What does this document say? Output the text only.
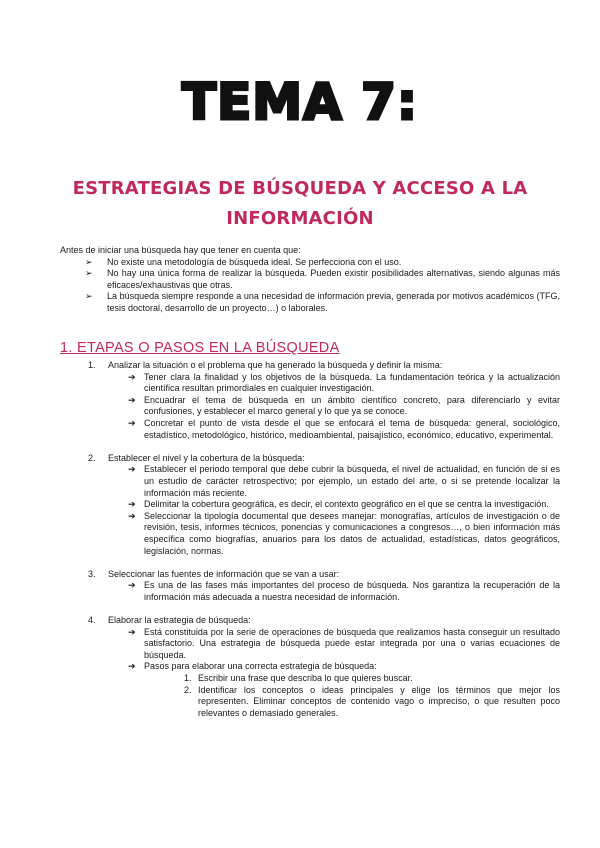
TEMA 7:
ESTRATEGIAS DE BÚSQUEDA Y ACCESO A LA
INFORMACIÓN

Antes de iniciar una búsqueda hay que tener en cuenta que:

➢ No existe una metodología de búsqueda ideal. Se perfecciona con el uso.
➢ No hay una única forma de realizar la búsqueda. Pueden existir posibilidades alternativas, siendo algunas más eficaces/exhaustivas que otras.
➢ La búsqueda siempre responde a una necesidad de información previa, generada por motivos académicos (TFG, tesis doctoral, desarrollo de un proyecto…) o laborales.
1. ETAPAS O PASOS EN LA BÚSQUEDA
1. Analizar la situación o el problema que ha generado la búsqueda y definir la misma:

➔ Tener clara la finalidad y los objetivos de la búsqueda. La fundamentación teórica y la actualización científica resultan primordiales en cualquier investigación.
➔ Encuadrar el tema de búsqueda en un ámbito científico concreto, para diferenciarlo y evitar confusiones, y establecer el marco general y lo que ya se conoce.
➔ Concretar el punto de vista desde el que se enfocará el tema de búsqueda: general, sociológico, estadístico, metodológico, histórico, medioambiental, paisajístico, económico, educativo, experimental.
2. Establecer el nivel y la cobertura de la búsqueda:

➔ Establecer el periodo temporal que debe cubrir la búsqueda, el nivel de actualidad, en función de si es un estudio de carácter retrospectivo; por ejemplo, un estado del arte, o si se pretende localizar la información más reciente.
➔ Delimitar la cobertura geográfica, es decir, el contexto geográfico en el que se centra la investigación.
➔ Seleccionar la tipología documental que desees manejar: monografías, artículos de investigación o de revisión, tesis, informes técnicos, ponencias y comunicaciones a congresos…, o bien información más específica como biografías, anuarios para los datos de actualidad, estadísticas, datos geográficos, legislación, normas.
3. Seleccionar las fuentes de información que se van a usar:

➔ Es una de las fases más importantes del proceso de búsqueda. Nos garantiza la recuperación de la información más adecuada a nuestra necesidad de información.
4. Elaborar la estrategia de búsqueda:

➔ Está constituida por la serie de operaciones de búsqueda que realizamos hasta conseguir un resultado satisfactorio. Una estrategia de búsqueda puede estar integrada por una o varias ecuaciones de búsqueda.
➔ Pasos para elaborar una correcta estrategia de búsqueda:
1. Escribir una frase que describa lo que quieres buscar.
2. Identificar los conceptos o ideas principales y elige los términos que mejor los representen. Eliminar conceptos de contenido vago o impreciso, o que resulten poco relevantes o demasiado generales.
